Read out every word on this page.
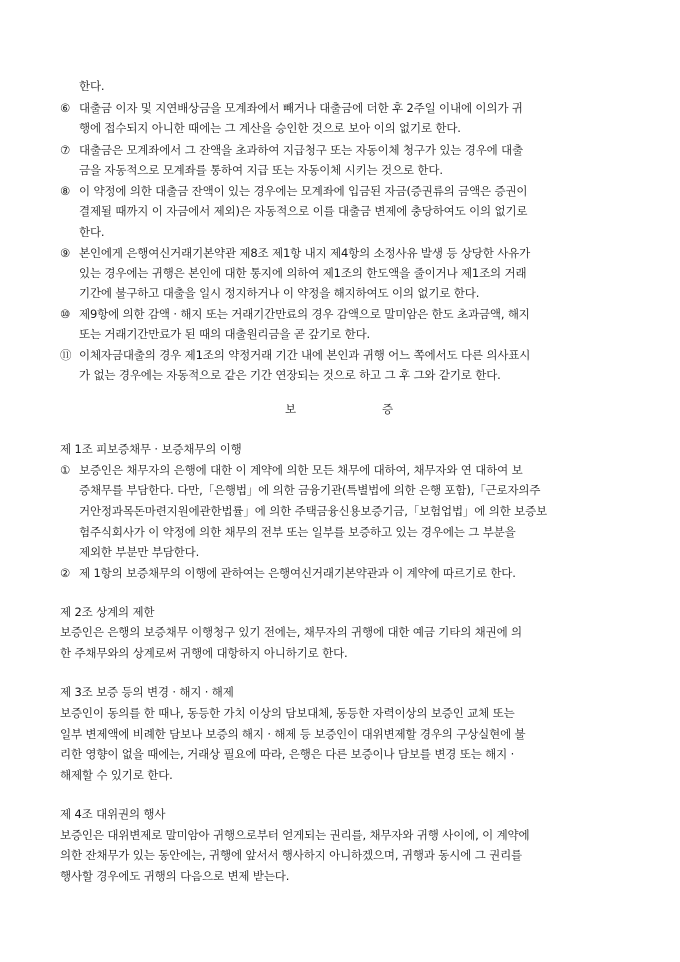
한다.

⑥ 대출금 이자 및 지연배상금을 모계좌에서 빼거나 대출금에 더한 후 2주일 이내에 이의가 귀

행에 접수되지 아니한 때에는 그 계산을 승인한 것으로 보아 이의 없기로 한다.

⑦ 대출금은 모계좌에서 그 잔액을 초과하여 지급청구 또는 자동이체 청구가 있는 경우에 대출

금을 자동적으로 모계좌를 통하여 지급 또는 자동이체 시키는 것으로 한다.

⑧ 이 약정에 의한 대출금 잔액이 있는 경우에는 모계좌에 입금된 자금(증권류의 금액은 증권이

결제될 때까지 이 자금에서 제외)은 자동적으로 이를 대출금 변제에 충당하여도 이의 없기로

한다.

⑨ 본인에게 은행여신거래기본약관 제8조 제1항 내지 제4항의 소정사유 발생 등 상당한 사유가

있는 경우에는 귀행은 본인에 대한 통지에 의하여 제1조의 한도액을 줄이거나 제1조의 거래

기간에 불구하고 대출을 일시 정지하거나 이 약정을 해지하여도 이의 없기로 한다.

⑩ 제9항에 의한 감액 · 해지 또는 거래기간만료의 경우 감액으로 말미암은 한도 초과금액, 해지

또는 거래기간만료가 된 때의 대출원리금을 곧 갚기로 한다.

⑪ 이체자금대출의 경우 제1조의 약정거래 기간 내에 본인과 귀행 어느 쪽에서도 다른 의사표시

가 없는 경우에는 자동적으로 같은 기간 연장되는 것으로 하고 그 후 그와 같기로 한다.

보	증

제 1조 피보증채무 · 보증채무의 이행

① 보증인은 채무자의 은행에 대한 이 계약에 의한 모든 채무에 대하여, 채무자와 연 대하여 보

증채무를 부담한다. 다만,「은행법」에 의한 금융기관(특별법에 의한 은행 포함),「근로자의주

거안정과목돈마련지원에관한법률」에 의한 주택금융신용보증기금,「보험업법」에 의한 보증보

험주식회사가 이 약정에 의한 채무의 전부 또는 일부를 보증하고 있는 경우에는 그 부분을

제외한 부분만 부담한다.

② 제 1항의 보증채무의 이행에 관하여는 은행여신거래기본약관과 이 계약에 따르기로 한다.

제 2조 상계의 제한

보증인은 은행의 보증채무 이행청구 있기 전에는, 채무자의 귀행에 대한 예금 기타의 채권에 의

한 주채무와의 상계로써 귀행에 대항하지 아니하기로 한다.

제 3조 보증 등의 변경 · 해지 · 해제

보증인이 동의를 한 때나, 동등한 가치 이상의 담보대체, 동등한 자력이상의 보증인 교체 또는

일부 변제액에 비례한 담보나 보증의 해지 · 해제 등 보증인이 대위변제할 경우의 구상실현에 불

리한 영향이 없을 때에는, 거래상 필요에 따라, 은행은 다른 보증이나 담보를 변경 또는 해지 ·

해제할 수 있기로 한다.

제 4조 대위권의 행사

보증인은 대위변제로 말미암아 귀행으로부터 얻게되는 권리를, 채무자와 귀행 사이에, 이 계약에

의한 잔채무가 있는 동안에는, 귀행에 앞서서 행사하지 아니하겠으며, 귀행과 동시에 그 권리를

행사할 경우에도 귀행의 다음으로 변제 받는다.
